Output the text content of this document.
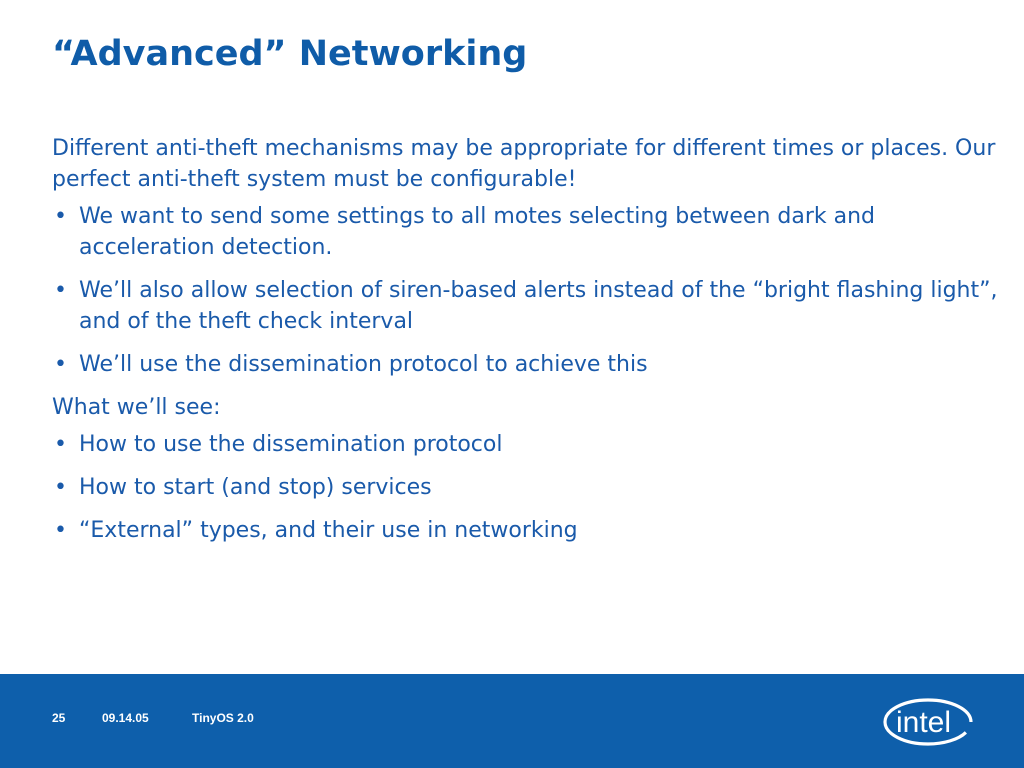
“Advanced” Networking

Different anti-theft mechanisms may be appropriate for different times or places. Our perfect anti-theft system must be configurable!

• We want to send some settings to all motes selecting between dark and acceleration detection.
• We’ll also allow selection of siren-based alerts instead of the “bright flashing light”, and of the theft check interval
• We’ll use the dissemination protocol to achieve this

What we’ll see:

• How to use the dissemination protocol
• How to start (and stop) services
• “External” types, and their use in networking
25	09.14.05	TinyOS 2.0	intel
